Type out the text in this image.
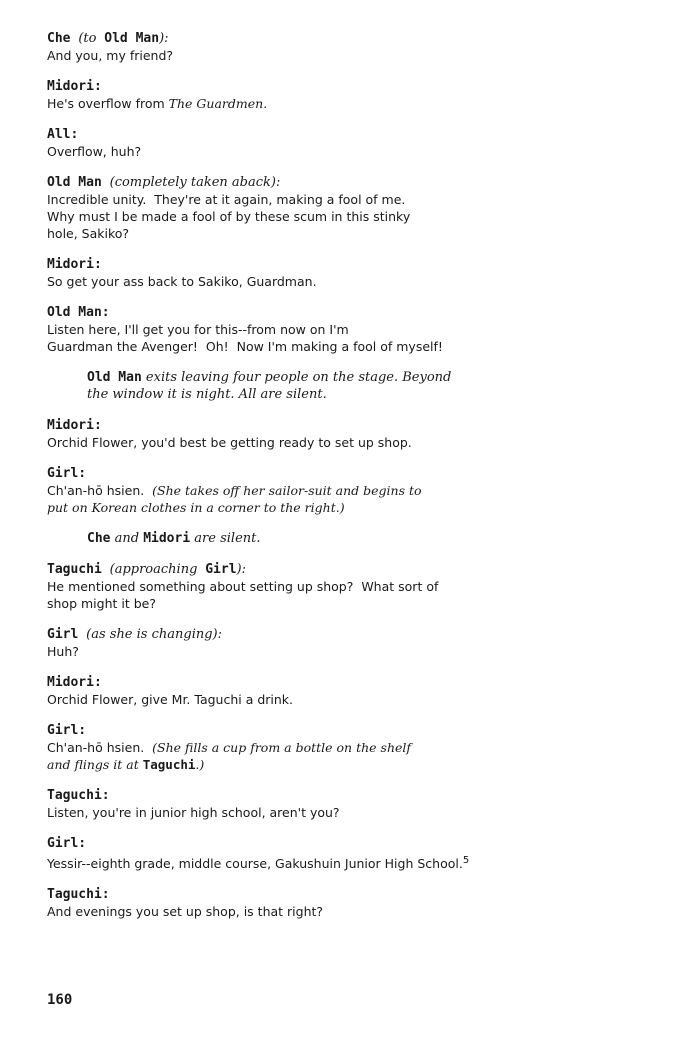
Che (to Old Man):

And you, my friend?

Midori:

He's overflow from The Guardmen.

All:

Overflow, huh?

Old Man (completely taken aback):

Incredible unity.  They're at it again, making a fool of me.

Why must I be made a fool of by these scum in this stinky

hole, Sakiko?

Midori:

So get your ass back to Sakiko, Guardman.

Old Man:

Listen here, I'll get you for this--from now on I'm

Guardman the Avenger!  Oh!  Now I'm making a fool of myself!

Old Man exits leaving four people on the stage. Beyond
the window it is night. All are silent.

Midori:

Orchid Flower, you'd best be getting ready to set up shop.

Girl:

Ch'an-hō hsien.  (She takes off her sailor-suit and begins to

put on Korean clothes in a corner to the right.)

Che and Midori are silent.

Taguchi (approaching Girl):

He mentioned something about setting up shop?  What sort of

shop might it be?

Girl (as she is changing):

Huh?

Midori:

Orchid Flower, give Mr. Taguchi a drink.

Girl:

Ch'an-hō hsien.  (She fills a cup from a bottle on the shelf

and flings it at Taguchi.)

Taguchi:

Listen, you're in junior high school, aren't you?

Girl:

Yessir--eighth grade, middle course, Gakushuin Junior High School.$^5$

Taguchi:

And evenings you set up shop, is that right?

160
